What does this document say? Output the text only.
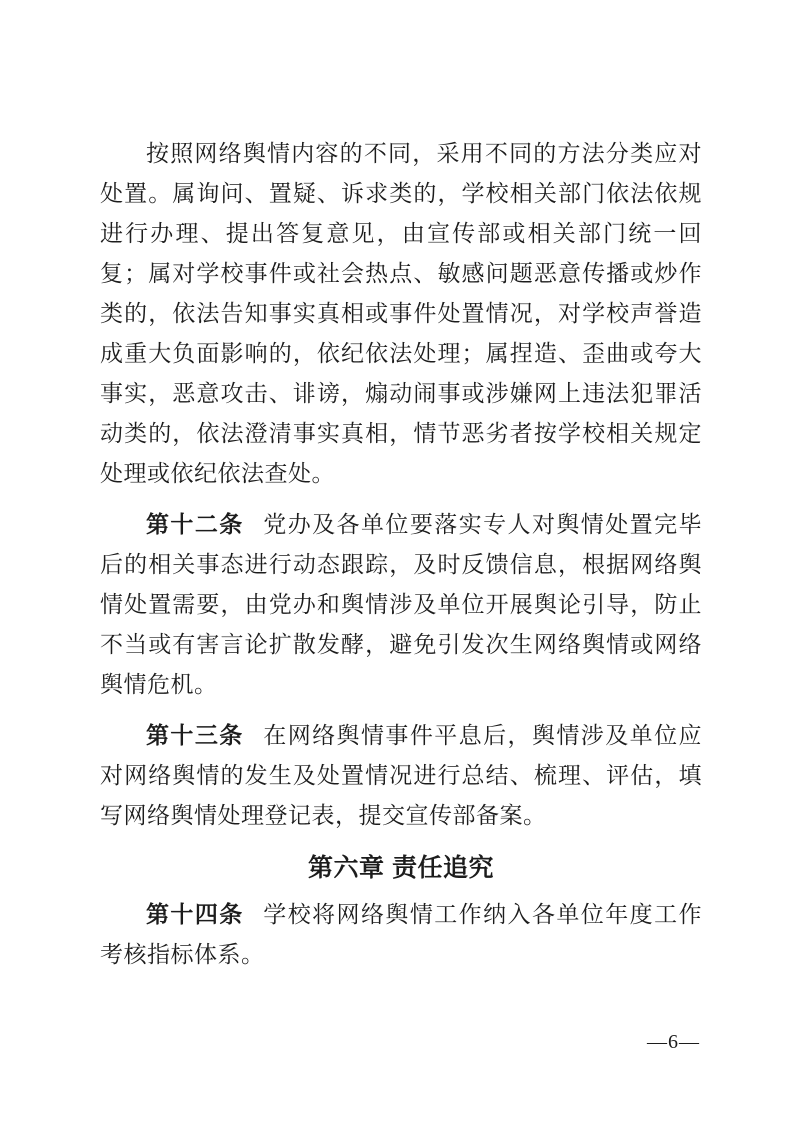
按照网络舆情内容的不同，采用不同的方法分类应对处置。属询问、置疑、诉求类的，学校相关部门依法依规进行办理、提出答复意见，由宣传部或相关部门统一回复；属对学校事件或社会热点、敏感问题恶意传播或炒作类的，依法告知事实真相或事件处置情况，对学校声誉造成重大负面影响的，依纪依法处理；属捏造、歪曲或夸大事实，恶意攻击、诽谤，煽动闹事或涉嫌网上违法犯罪活动类的，依法澄清事实真相，情节恶劣者按学校相关规定处理或依纪依法查处。

第十二条 党办及各单位要落实专人对舆情处置完毕后的相关事态进行动态跟踪，及时反馈信息，根据网络舆情处置需要，由党办和舆情涉及单位开展舆论引导，防止不当或有害言论扩散发酵，避免引发次生网络舆情或网络舆情危机。

第十三条 在网络舆情事件平息后，舆情涉及单位应对网络舆情的发生及处置情况进行总结、梳理、评估，填写网络舆情处理登记表，提交宣传部备案。

第六章 责任追究

第十四条 学校将网络舆情工作纳入各单位年度工作考核指标体系。

—6—
